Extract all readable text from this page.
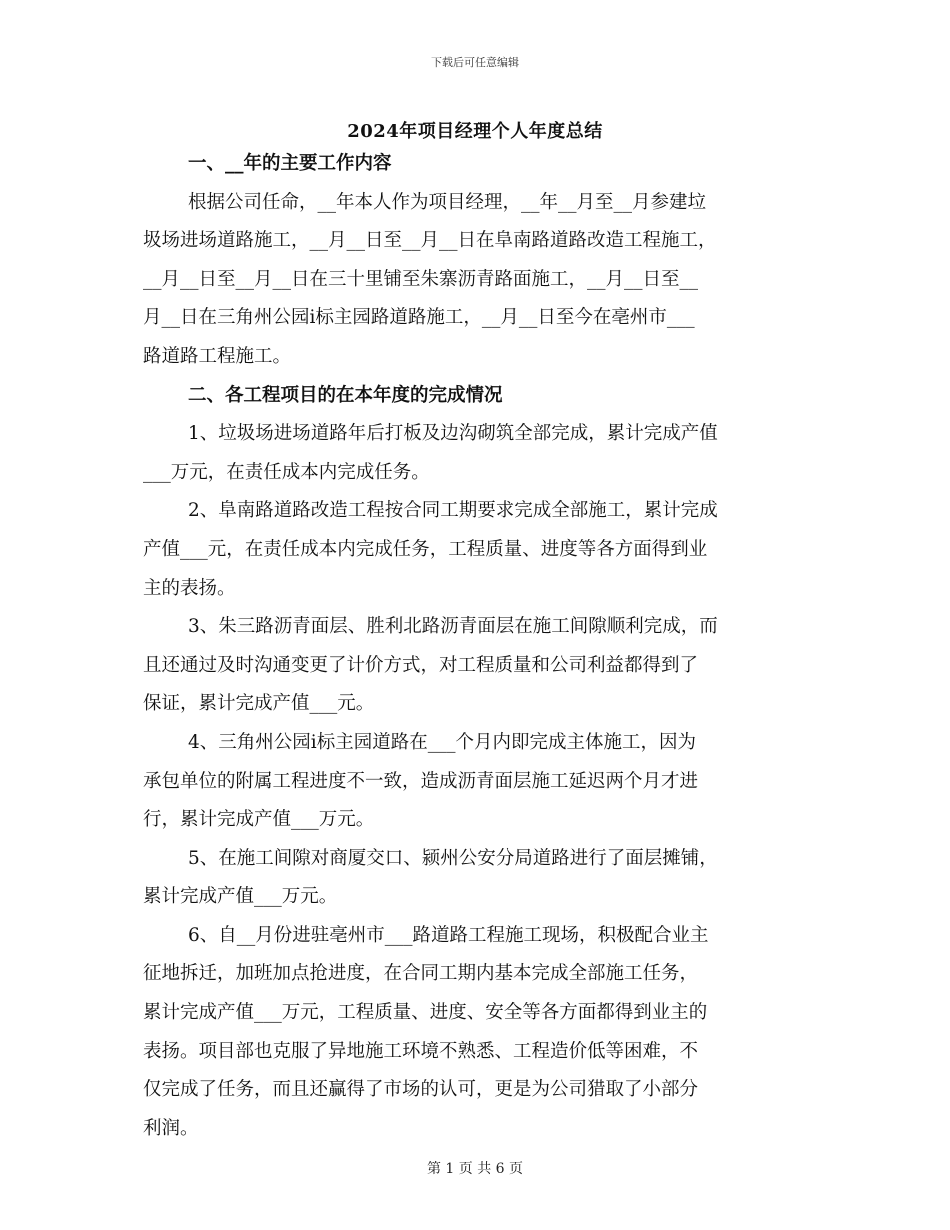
下载后可任意编辑
2024年项目经理个人年度总结
一、__年的主要工作内容
根据公司任命，__年本人作为项目经理，__年__月至__月参建垃
圾场进场道路施工，__月__日至__月__日在阜南路道路改造工程施工，
__月__日至__月__日在三十里铺至朱寨沥青路面施工，__月__日至__
月__日在三角州公园ⅰ标主园路道路施工，__月__日至今在亳州市___
路道路工程施工。
二、各工程项目的在本年度的完成情况
1、垃圾场进场道路年后打板及边沟砌筑全部完成，累计完成产值
___万元，在责任成本内完成任务。
2、阜南路道路改造工程按合同工期要求完成全部施工，累计完成
产值___元，在责任成本内完成任务，工程质量、进度等各方面得到业
主的表扬。
3、朱三路沥青面层、胜利北路沥青面层在施工间隙顺利完成，而
且还通过及时沟通变更了计价方式，对工程质量和公司利益都得到了
保证，累计完成产值___元。
4、三角州公园ⅰ标主园道路在___个月内即完成主体施工，因为
承包单位的附属工程进度不一致，造成沥青面层施工延迟两个月才进
行，累计完成产值___万元。
5、在施工间隙对商厦交口、颍州公安分局道路进行了面层摊铺，
累计完成产值___万元。
6、自__月份进驻亳州市___路道路工程施工现场，积极配合业主
征地拆迁，加班加点抢进度，在合同工期内基本完成全部施工任务，
累计完成产值___万元，工程质量、进度、安全等各方面都得到业主的
表扬。项目部也克服了异地施工环境不熟悉、工程造价低等困难，不
仅完成了任务，而且还赢得了市场的认可，更是为公司猎取了小部分
利润。
第 1 页 共 6 页
